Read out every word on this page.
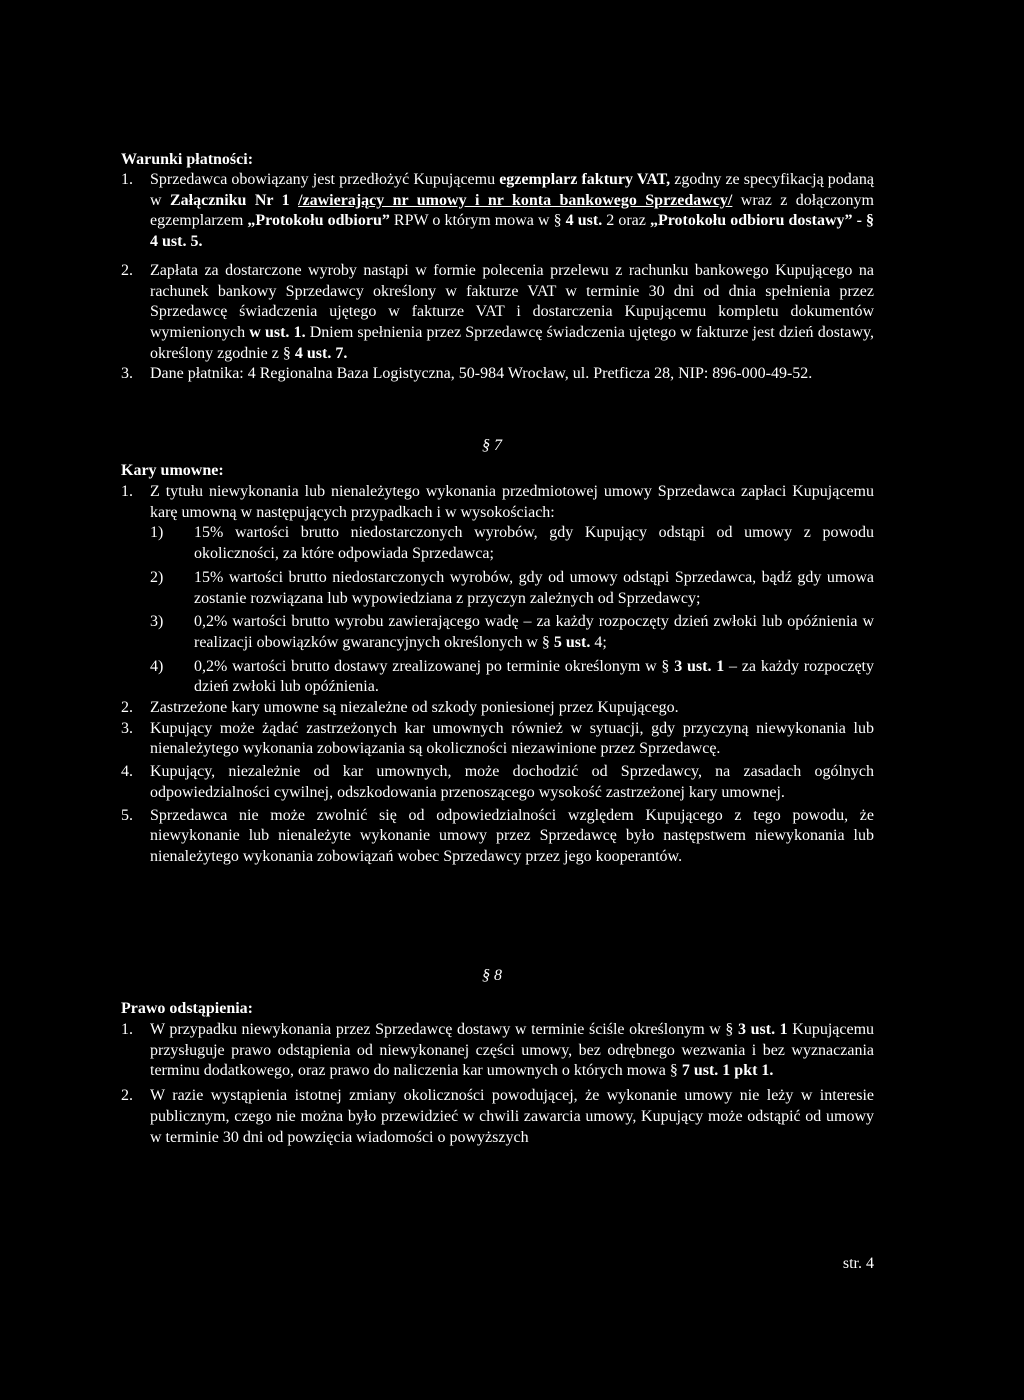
Warunki płatności:
1. Sprzedawca obowiązany jest przedłożyć Kupującemu egzemplarz faktury VAT, zgodny ze specyfikacją podaną w Załączniku Nr 1 /zawierający nr umowy i nr konta bankowego Sprzedawcy/ wraz z dołączonym egzemplarzem „Protokołu odbioru” RPW o którym mowa w § 4 ust. 2 oraz „Protokołu odbioru dostawy” - § 4 ust. 5.
2. Zapłata za dostarczone wyroby nastąpi w formie polecenia przelewu z rachunku bankowego Kupującego na rachunek bankowy Sprzedawcy określony w fakturze VAT w terminie 30 dni od dnia spełnienia przez Sprzedawcę świadczenia ujętego w fakturze VAT i dostarczenia Kupującemu kompletu dokumentów wymienionych w ust. 1. Dniem spełnienia przez Sprzedawcę świadczenia ujętego w fakturze jest dzień dostawy, określony zgodnie z § 4 ust. 7.
3. Dane płatnika: 4 Regionalna Baza Logistyczna, 50-984 Wrocław, ul. Pretficza 28, NIP: 896-000-49-52.
§ 7
Kary umowne:
1. Z tytułu niewykonania lub nienależytego wykonania przedmiotowej umowy Sprzedawca zapłaci Kupującemu karę umowną w następujących przypadkach i w wysokościach:
1) 15% wartości brutto niedostarczonych wyrobów, gdy Kupujący odstąpi od umowy z powodu okoliczności, za które odpowiada Sprzedawca;
2) 15% wartości brutto niedostarczonych wyrobów, gdy od umowy odstąpi Sprzedawca, bądź gdy umowa zostanie rozwiązana lub wypowiedziana z przyczyn zależnych od Sprzedawcy;
3) 0,2% wartości brutto wyrobu zawierającego wadę – za każdy rozpoczęty dzień zwłoki lub opóźnienia w realizacji obowiązków gwarancyjnych określonych w § 5 ust. 4;
4) 0,2% wartości brutto dostawy zrealizowanej po terminie określonym w § 3 ust. 1 – za każdy rozpoczęty dzień zwłoki lub opóźnienia.
2. Zastrzeżone kary umowne są niezależne od szkody poniesionej przez Kupującego.
3. Kupujący może żądać zastrzeżonych kar umownych również w sytuacji, gdy przyczyną niewykonania lub nienależytego wykonania zobowiązania są okoliczności niezawinione przez Sprzedawcę.
4. Kupujący, niezależnie od kar umownych, może dochodzić od Sprzedawcy, na zasadach ogólnych odpowiedzialności cywilnej, odszkodowania przenoszącego wysokość zastrzeżonej kary umownej.
5. Sprzedawca nie może zwolnić się od odpowiedzialności względem Kupującego z tego powodu, że niewykonanie lub nienależyte wykonanie umowy przez Sprzedawcę było następstwem niewykonania lub nienależytego wykonania zobowiązań wobec Sprzedawcy przez jego kooperantów.
§ 8
Prawo odstąpienia:
1. W przypadku niewykonania przez Sprzedawcę dostawy w terminie ściśle określonym w § 3 ust. 1 Kupującemu przysługuje prawo odstąpienia od niewykonanej części umowy, bez odrębnego wezwania i bez wyznaczania terminu dodatkowego, oraz prawo do naliczenia kar umownych o których mowa § 7 ust. 1 pkt 1.
2. W razie wystąpienia istotnej zmiany okoliczności powodującej, że wykonanie umowy nie leży w interesie publicznym, czego nie można było przewidzieć w chwili zawarcia umowy, Kupujący może odstąpić od umowy w terminie 30 dni od powzięcia wiadomości o powyższych
str. 4
